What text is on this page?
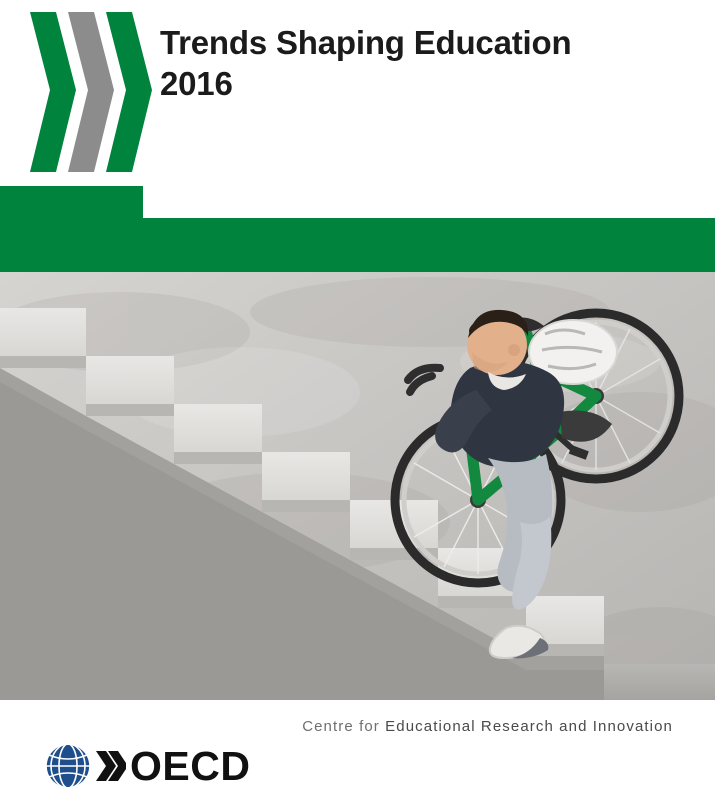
Trends Shaping Education
2016
Centre for Educational Research and Innovation
OECD
